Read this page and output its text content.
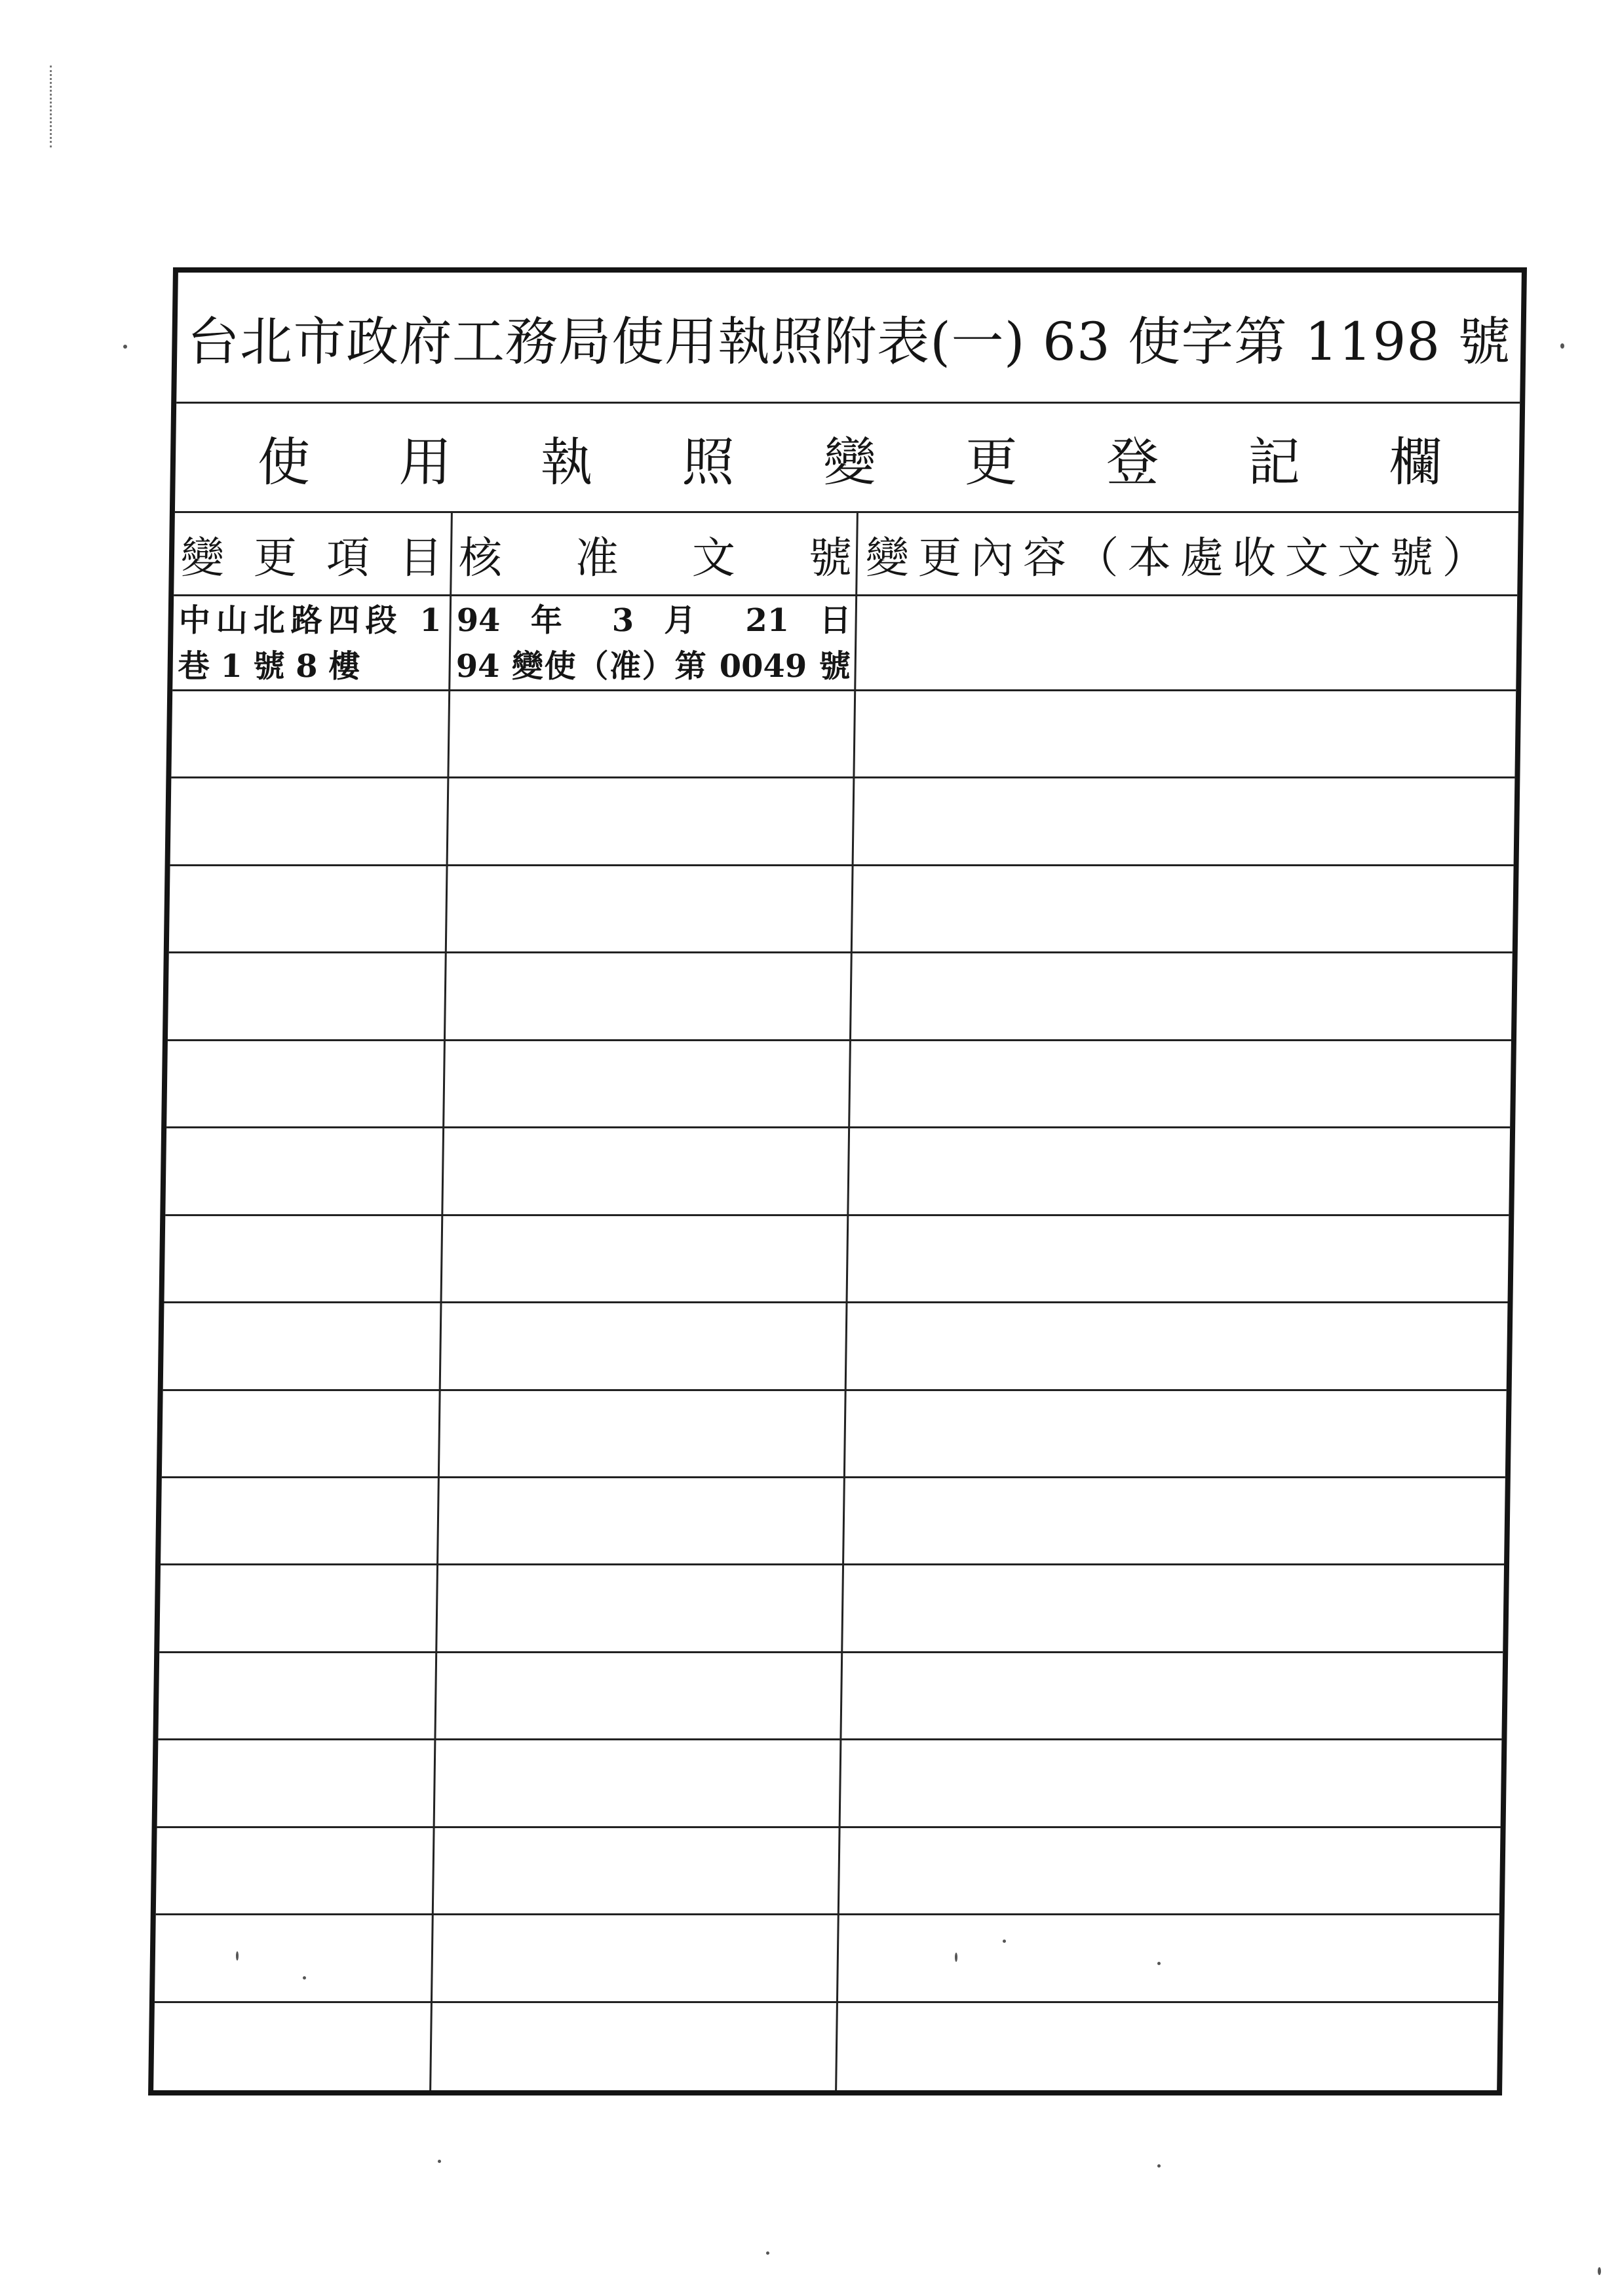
台北市政府工務局使用執照附表(一) 63 使字第 1198 號
使 用 執 照 變 更 登 記 欄
變 更 項 目 核 准 文 號 變更內容（本處收文文號）
中山北路四段 1
巷 1 號 8 樓
94 年 3 月 21 日
94 變使（准）第 0049 號
